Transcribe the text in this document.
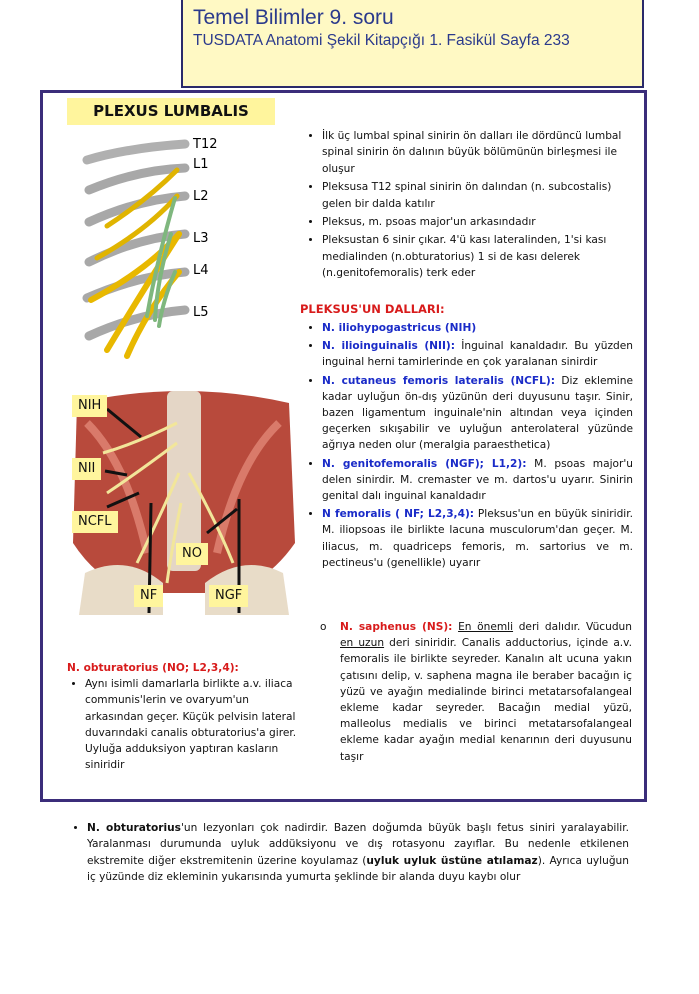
Temel Bilimler 9. soru
TUSDATA Anatomi Şekil Kitapçığı 1. Fasikül Sayfa 233
PLEXUS LUMBALIS
T12
L1
L2
L3
L4
L5
NIH
NII
NCFL
NO
NF	NGF
• İlk üç lumbal spinal sinirin ön dalları ile dördüncü lumbal spinal sinirin ön dalının büyük bölümünün birleşmesi ile oluşur
• Pleksusa T12 spinal sinirin ön dalından (n. subcostalis) gelen bir dalda katılır
• Pleksus, m. psoas major'un arkasındadır
• Pleksustan 6 sinir çıkar. 4'ü kası lateralinden, 1'si kası medialinden (n.obturatorius) 1 si de kası delerek (n.genitofemoralis) terk eder
PLEKSUS'UN DALLARI:
• N. iliohypogastricus (NIH)
• N. ilioinguinalis (NII): İnguinal kanaldadır. Bu yüzden inguinal herni tamirlerinde en çok yaralanan sinirdir
• N. cutaneus femoris lateralis (NCFL): Diz eklemine kadar uyluğun ön-dış yüzünün deri duyusunu taşır. Sinir, bazen ligamentum inguinale'nin altından veya içinden geçerken sıkışabilir ve uyluğun anterolateral yüzünde ağrıya neden olur (meralgia paraesthetica)
• N. genitofemoralis (NGF); L1,2): M. psoas major'u delen sinirdir. M. cremaster ve m. dartos'u uyarır. Sinirin genital dalı inguinal kanaldadır
• N femoralis ( NF; L2,3,4): Pleksus'un en büyük siniridir. M. iliopsoas ile birlikte lacuna musculorum'dan geçer. M. iliacus, m. quadriceps femoris, m. sartorius ve m. pectineus'u (genellikle) uyarır
o N. saphenus (NS): En önemli deri dalıdır. Vücudun en uzun deri siniridir. Canalis adductorius, içinde a.v. femoralis ile birlikte seyreder. Kanalın alt ucuna yakın çatısını delip, v. saphena magna ile beraber bacağın iç yüzü ve ayağın medialinde birinci metatarsofalangeal ekleme kadar seyreder. Bacağın medial yüzü, malleolus medialis ve birinci metatarsofalangeal ekleme kadar ayağın medial kenarının deri duyusunu taşır
N. obturatorius (NO; L2,3,4):
• Aynı isimli damarlarla birlikte a.v. iliaca communis'lerin ve ovaryum'un arkasından geçer. Küçük pelvisin lateral duvarındaki canalis obturatorius'a girer. Uyluğa adduksiyon yaptıran kasların siniridir
• N. obturatorius'un lezyonları çok nadirdir. Bazen doğumda büyük başlı fetus siniri yaralayabilir. Yaralanması durumunda uyluk addüksiyonu ve dış rotasyonu zayıflar. Bu nedenle etkilenen ekstremite diğer ekstremitenin üzerine koyulamaz (uyluk uyluk üstüne atılamaz). Ayrıca uyluğun iç yüzünde diz ekleminin yukarısında yumurta şeklinde bir alanda duyu kaybı olur
